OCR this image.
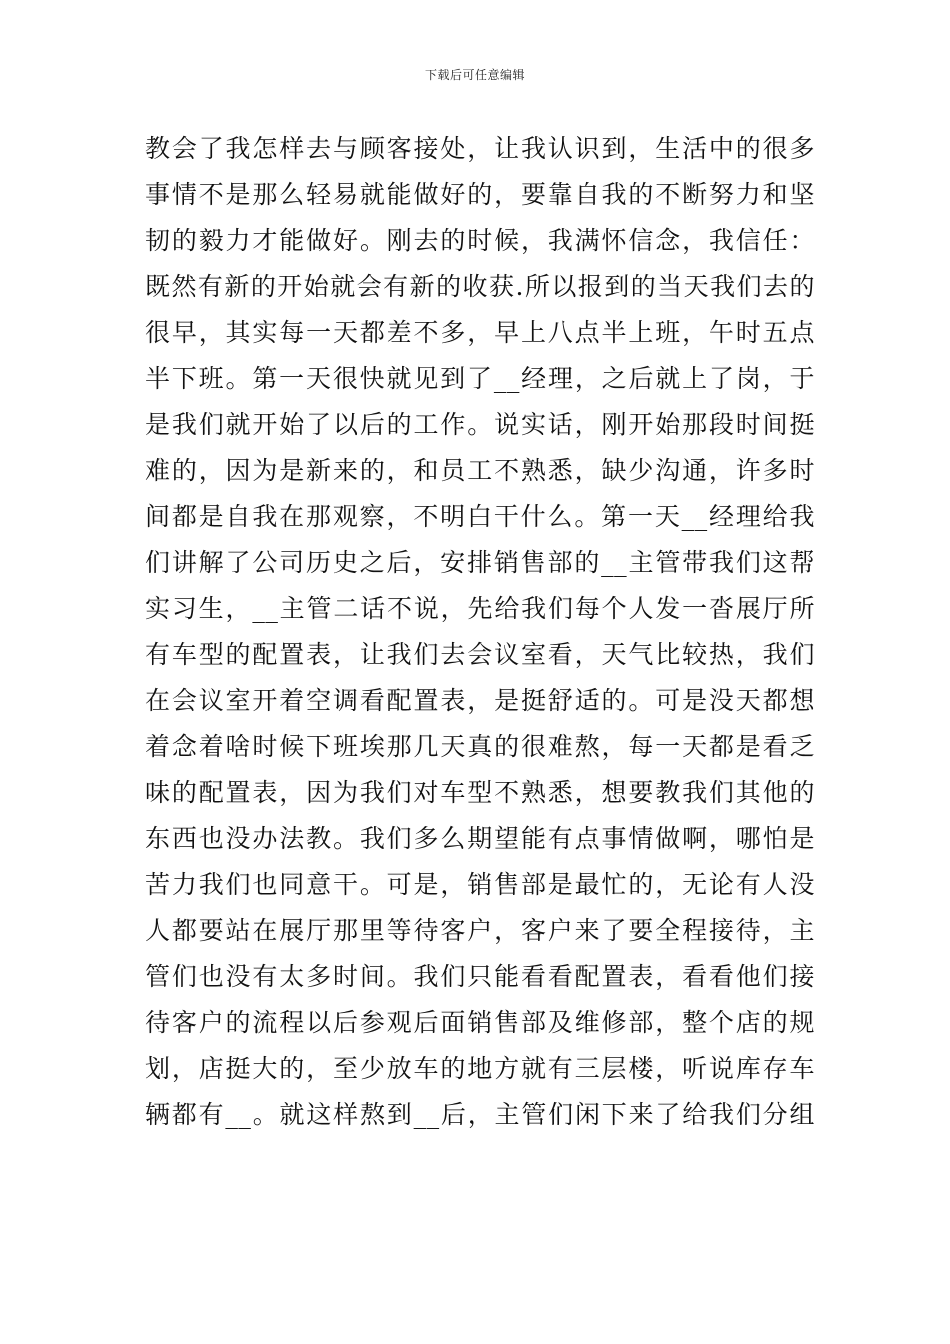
下载后可任意编辑
教会了我怎样去与顾客接处，让我认识到，生活中的很多
事情不是那么轻易就能做好的，要靠自我的不断努力和坚
韧的毅力才能做好。刚去的时候，我满怀信念，我信任：
既然有新的开始就会有新的收获.所以报到的当天我们去的
很早，其实每一天都差不多，早上八点半上班，午时五点
半下班。第一天很快就见到了__经理，之后就上了岗，于
是我们就开始了以后的工作。说实话，刚开始那段时间挺
难的，因为是新来的，和员工不熟悉，缺少沟通，许多时
间都是自我在那观察，不明白干什么。第一天__经理给我
们讲解了公司历史之后，安排销售部的__主管带我们这帮
实习生，__主管二话不说，先给我们每个人发一沓展厅所
有车型的配置表，让我们去会议室看，天气比较热，我们
在会议室开着空调看配置表，是挺舒适的。可是没天都想
着念着啥时候下班埃那几天真的很难熬，每一天都是看乏
味的配置表，因为我们对车型不熟悉，想要教我们其他的
东西也没办法教。我们多么期望能有点事情做啊，哪怕是
苦力我们也同意干。可是，销售部是最忙的，无论有人没
人都要站在展厅那里等待客户，客户来了要全程接待，主
管们也没有太多时间。我们只能看看配置表，看看他们接
待客户的流程以后参观后面销售部及维修部，整个店的规
划，店挺大的，至少放车的地方就有三层楼，听说库存车
辆都有__。就这样熬到__后，主管们闲下来了给我们分组
